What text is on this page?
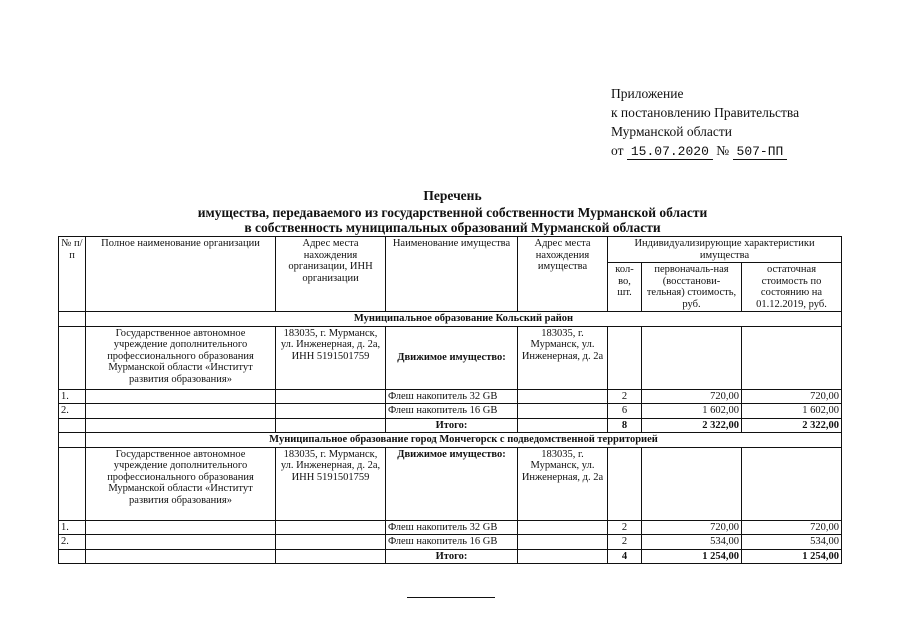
Приложение
к постановлению Правительства
Мурманской области
от 15.07.2020 № 507-ПП
Перечень
имущества, передаваемого из государственной собственности Мурманской области
в собственность муниципальных образований Мурманской области
№ п/п	Полное наименование организации	Адрес места нахождения организации, ИНН организации	Наименование имущества	Адрес места нахождения имущества	Индивидуализирующие характеристики имущества		
					кол-во, шт.	первоначаль-ная (восстанови-тельная) стоимость, руб.	остаточная стоимость по состоянию на 01.12.2019, руб.
	Муниципальное образование Кольский район						
	Государственное автономное учреждение дополнительного профессионального образования Мурманской области «Институт развития образования»	183035, г. Мурманск, ул. Инженерная, д. 2а, ИНН 5191501759	Движимое имущество:	183035, г. Мурманск, ул. Инженерная, д. 2а			
1.			Флеш накопитель 32 GB		2	720,00	720,00
2.			Флеш накопитель 16 GB		6	1 602,00	1 602,00
			Итого:		8	2 322,00	2 322,00
	Муниципальное образование город Мончегорск с подведомственной территорией						
	Государственное автономное учреждение дополнительного профессионального образования Мурманской области «Институт развития образования»	183035, г. Мурманск, ул. Инженерная, д. 2а, ИНН 5191501759	Движимое имущество:	183035, г. Мурманск, ул. Инженерная, д. 2а			
1.			Флеш накопитель 32 GB		2	720,00	720,00
2.			Флеш накопитель 16 GB		2	534,00	534,00
			Итого:		4	1 254,00	1 254,00
